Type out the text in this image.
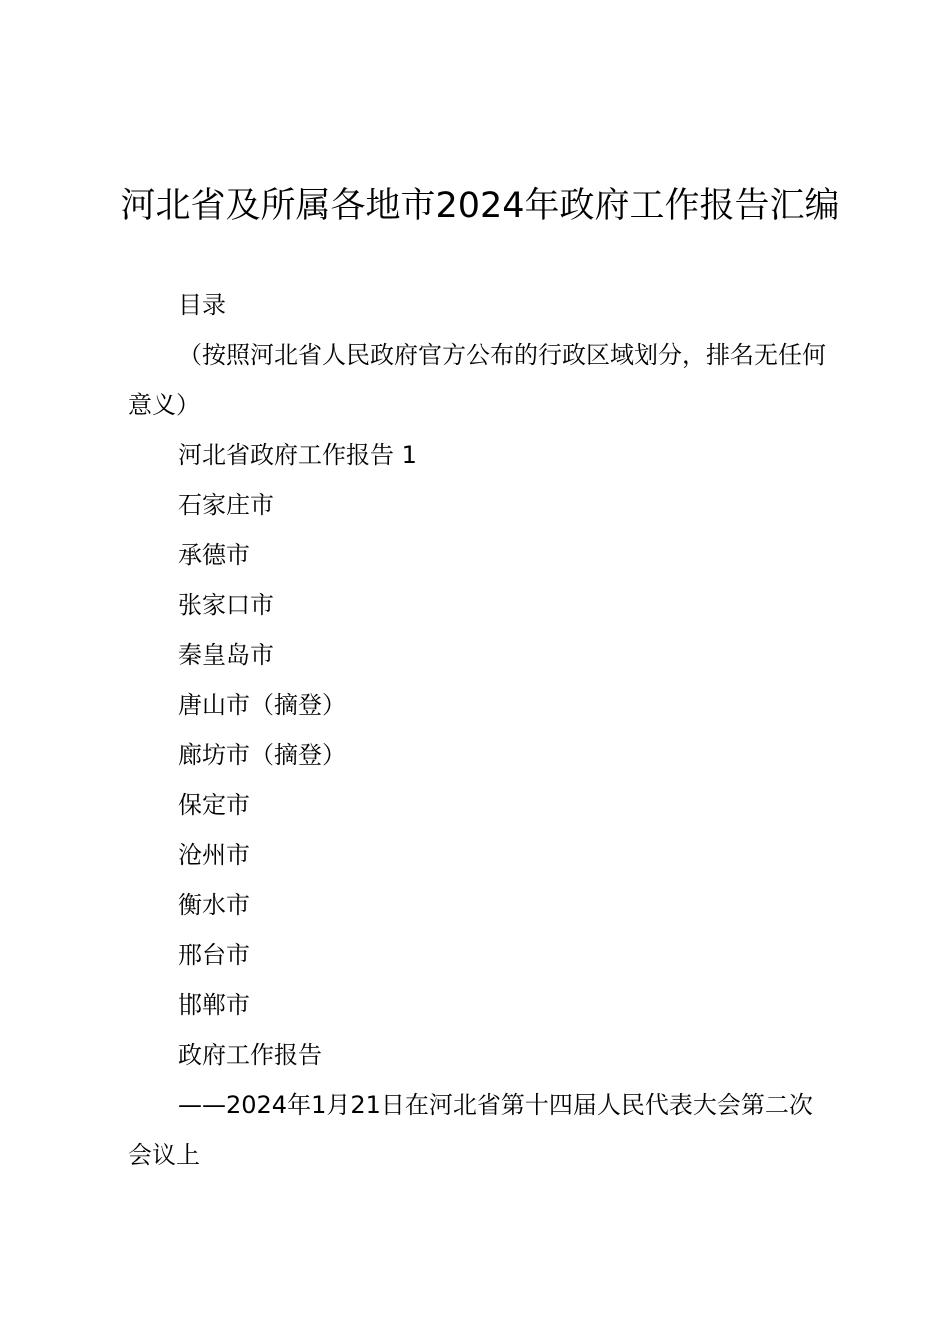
河北省及所属各地市2024年政府工作报告汇编

目录

（按照河北省人民政府官方公布的行政区域划分，排名无任何意义）

河北省政府工作报告 1

石家庄市

承德市

张家口市

秦皇岛市

唐山市（摘登）

廊坊市（摘登）

保定市

沧州市

衡水市

邢台市

邯郸市

政府工作报告

——2024年1月21日在河北省第十四届人民代表大会第二次会议上
